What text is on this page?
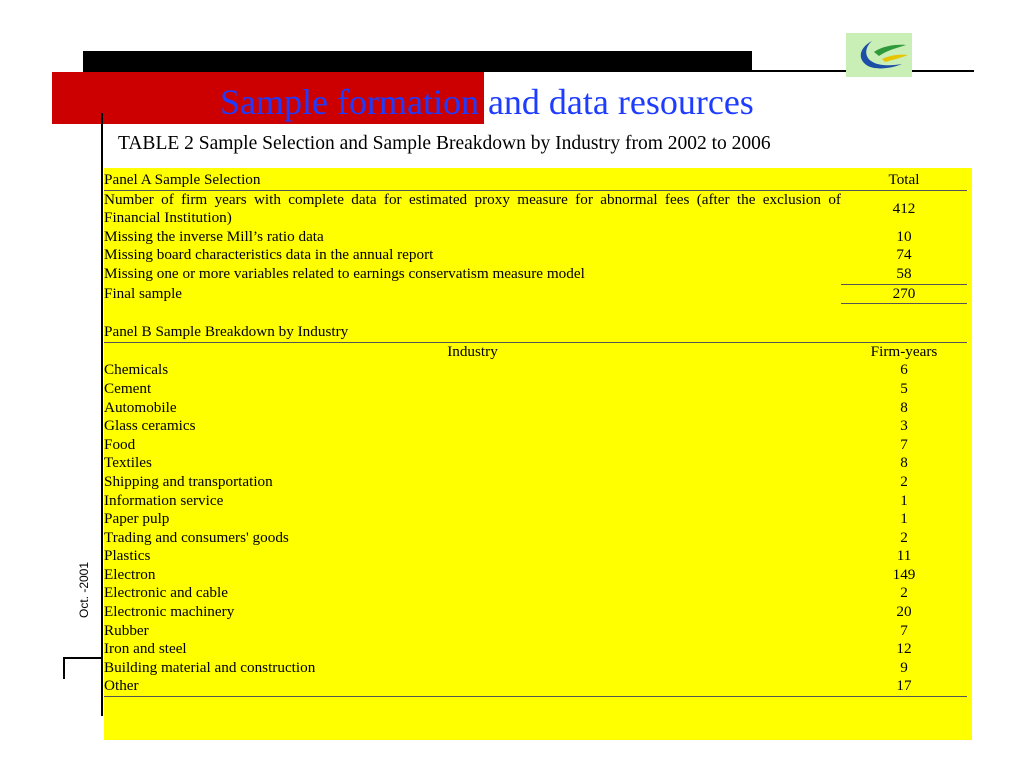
Oct. -2001
Sample formation and data resources
TABLE 2 Sample Selection and Sample Breakdown by Industry from 2002 to 2006
Panel A Sample Selection	Total
Number of firm years with complete data for estimated proxy measure for abnormal fees (after the exclusion of Financial Institution)	412
Missing the inverse Mill’s ratio data	10
Missing board characteristics data in the annual report	74
Missing one or more variables related to earnings conservatism measure model	58
Final sample	270

Panel B Sample Breakdown by Industry	
Industry	Firm-years
Chemicals	6
Cement	5
Automobile	8
Glass ceramics	3
Food	7
Textiles	8
Shipping and transportation	2
Information service	1
Paper pulp	1
Trading and consumers' goods	2
Plastics	11
Electron	149
Electronic and cable	2
Electronic machinery	20
Rubber	7
Iron and steel	12
Building material and construction	9
Other	17
